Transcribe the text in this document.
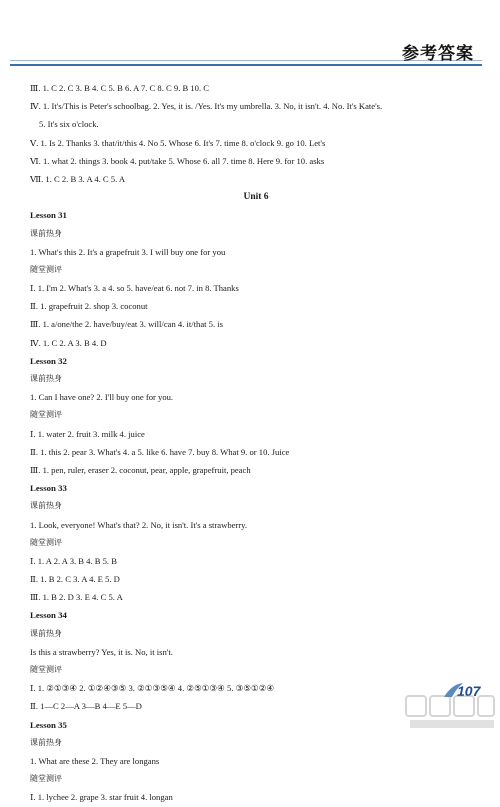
参考答案
Ⅲ. 1. C 2. C 3. B 4. C 5. B 6. A 7. C 8. C 9. B 10. C
Ⅳ. 1. It's/This is Peter's schoolbag. 2. Yes, it is. /Yes. It's my umbrella. 3. No, it isn't. 4. No. It's Kate's.
5. It's six o'clock.
Ⅴ. 1. Is 2. Thanks 3. that/it/this 4. No 5. Whose 6. It's 7. time 8. o'clock 9. go 10. Let's
Ⅵ. 1. what 2. things 3. book 4. put/take 5. Whose 6. all 7. time 8. Here 9. for 10. asks
Ⅶ. 1. C 2. B 3. A 4. C 5. A
Unit 6
Lesson 31
课前热身
1. What's this 2. It's a grapefruit 3. I will buy one for you
随堂测评
Ⅰ. 1. I'm 2. What's 3. a 4. so 5. have/eat 6. not 7. in 8. Thanks
Ⅱ. 1. grapefruit 2. shop 3. coconut
Ⅲ. 1. a/one/the 2. have/buy/eat 3. will/can 4. it/that 5. is
Ⅳ. 1. C 2. A 3. B 4. D
Lesson 32
课前热身
1. Can I have one? 2. I'll buy one for you.
随堂测评
Ⅰ. 1. water 2. fruit 3. milk 4. juice
Ⅱ. 1. this 2. pear 3. What's 4. a 5. like 6. have 7. buy 8. What 9. or 10. Juice
Ⅲ. 1. pen, ruler, eraser 2. coconut, pear, apple, grapefruit, peach
Lesson 33
课前热身
1. Look, everyone! What's that? 2. No, it isn't. It's a strawberry.
随堂测评
Ⅰ. 1. A 2. A 3. B 4. B 5. B
Ⅱ. 1. B 2. C 3. A 4. E 5. D
Ⅲ. 1. B 2. D 3. E 4. C 5. A
Lesson 34
课前热身
Is this a strawberry? Yes, it is. No, it isn't.
随堂测评
Ⅰ. 1. ②①③④ 2. ①②④③⑤ 3. ②①③⑤④ 4. ②⑤①③④ 5. ③⑤①②④
Ⅱ. 1—C 2—A 3—B 4—E 5—D
Lesson 35
课前热身
1. What are these 2. They are longans
随堂测评
Ⅰ. 1. lychee 2. grape 3. star fruit 4. longan
107
